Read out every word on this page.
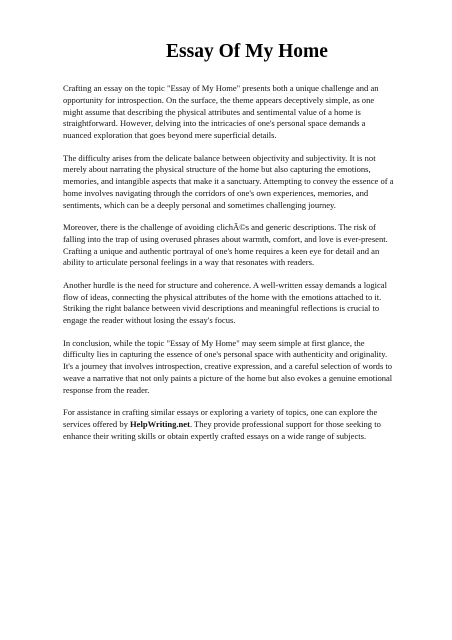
Essay Of My Home

Crafting an essay on the topic "Essay of My Home" presents both a unique challenge and an
opportunity for introspection. On the surface, the theme appears deceptively simple, as one
might assume that describing the physical attributes and sentimental value of a home is
straightforward. However, delving into the intricacies of one's personal space demands a
nuanced exploration that goes beyond mere superficial details.

The difficulty arises from the delicate balance between objectivity and subjectivity. It is not
merely about narrating the physical structure of the home but also capturing the emotions,
memories, and intangible aspects that make it a sanctuary. Attempting to convey the essence of a
home involves navigating through the corridors of one's own experiences, memories, and
sentiments, which can be a deeply personal and sometimes challenging journey.

Moreover, there is the challenge of avoiding clichÃ©s and generic descriptions. The risk of
falling into the trap of using overused phrases about warmth, comfort, and love is ever-present.
Crafting a unique and authentic portrayal of one's home requires a keen eye for detail and an
ability to articulate personal feelings in a way that resonates with readers.

Another hurdle is the need for structure and coherence. A well-written essay demands a logical
flow of ideas, connecting the physical attributes of the home with the emotions attached to it.
Striking the right balance between vivid descriptions and meaningful reflections is crucial to
engage the reader without losing the essay's focus.

In conclusion, while the topic "Essay of My Home" may seem simple at first glance, the
difficulty lies in capturing the essence of one's personal space with authenticity and originality.
It's a journey that involves introspection, creative expression, and a careful selection of words to
weave a narrative that not only paints a picture of the home but also evokes a genuine emotional
response from the reader.

For assistance in crafting similar essays or exploring a variety of topics, one can explore the
services offered by HelpWriting.net. They provide professional support for those seeking to
enhance their writing skills or obtain expertly crafted essays on a wide range of subjects.
